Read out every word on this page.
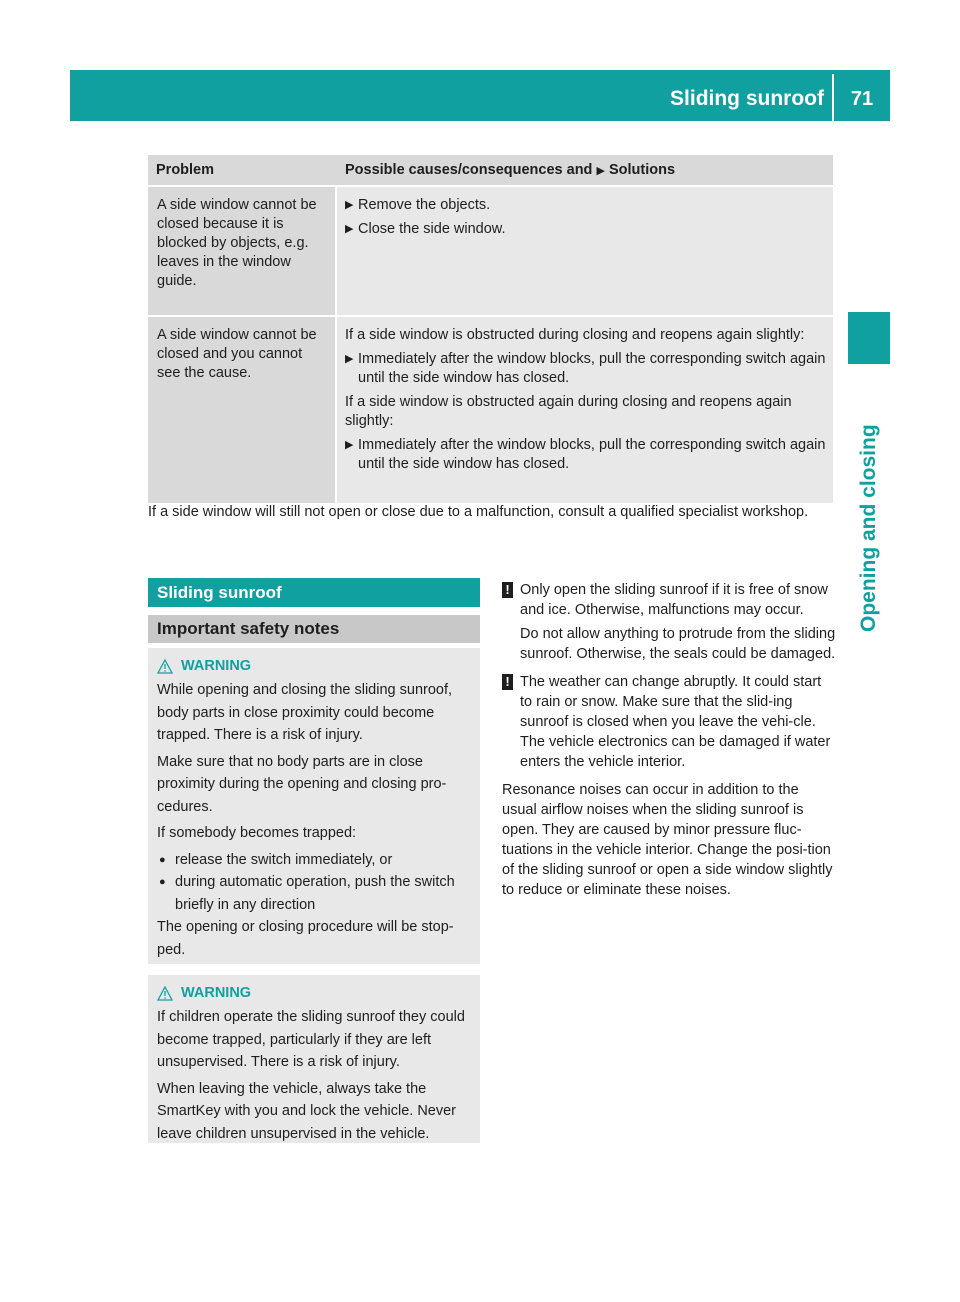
Sliding sunroof	71
Opening and closing
Problem	Possible causes/consequences and ▶ Solutions
A side window cannot be closed because it is blocked by objects, e.g. leaves in the window guide.
▶ Remove the objects.
▶ Close the side window.
A side window cannot be closed and you cannot see the cause.

If a side window is obstructed during closing and reopens again slightly:

▶ Immediately after the window blocks, pull the corresponding switch again until the side window has closed.

If a side window is obstructed again during closing and reopens again slightly:

▶ Immediately after the window blocks, pull the corresponding switch again until the side window has closed.

If a side window will still not open or close due to a malfunction, consult a qualified specialist workshop.

Sliding sunroof
Important safety notes
WARNING

While opening and closing the sliding sunroof, body parts in close proximity could become trapped. There is a risk of injury.

Make sure that no body parts are in close proximity during the opening and closing pro-cedures.

If somebody becomes trapped:

● release the switch immediately, or
● during automatic operation, push the switch briefly in any direction

The opening or closing procedure will be stop-ped.

WARNING

If children operate the sliding sunroof they could become trapped, particularly if they are left unsupervised. There is a risk of injury.

When leaving the vehicle, always take the SmartKey with you and lock the vehicle. Never leave children unsupervised in the vehicle.

! Only open the sliding sunroof if it is free of snow and ice. Otherwise, malfunctions may occur.

Do not allow anything to protrude from the sliding sunroof. Otherwise, the seals could be damaged.

! The weather can change abruptly. It could start to rain or snow. Make sure that the slid-ing sunroof is closed when you leave the vehi-cle. The vehicle electronics can be damaged if water enters the vehicle interior.

Resonance noises can occur in addition to the usual airflow noises when the sliding sunroof is open. They are caused by minor pressure fluc-tuations in the vehicle interior. Change the posi-tion of the sliding sunroof or open a side window slightly to reduce or eliminate these noises.
